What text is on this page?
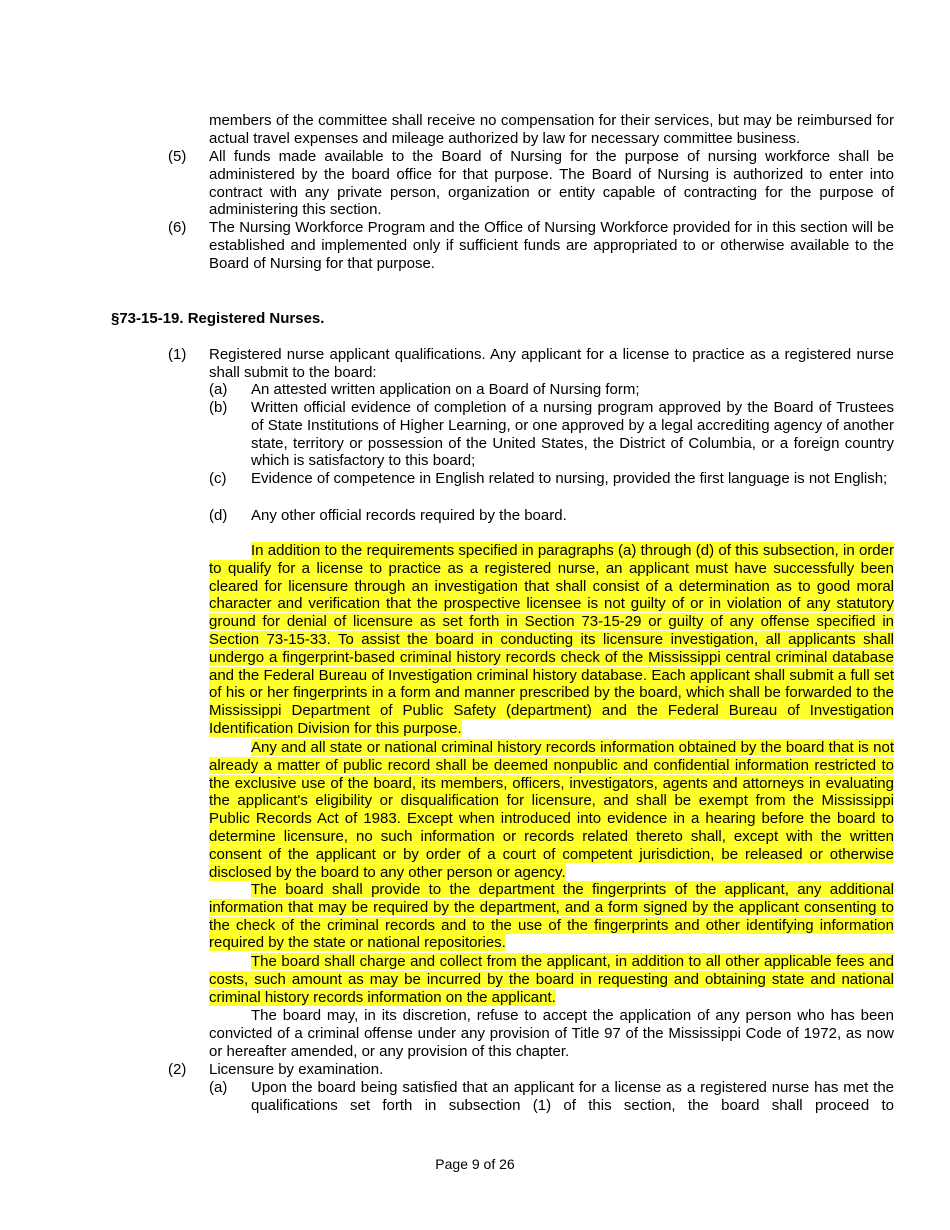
members of the committee shall receive no compensation for their services, but may be reimbursed for actual travel expenses and mileage authorized by law for necessary committee business.
(5) All funds made available to the Board of Nursing for the purpose of nursing workforce shall be administered by the board office for that purpose. The Board of Nursing is authorized to enter into contract with any private person, organization or entity capable of contracting for the purpose of administering this section.
(6) The Nursing Workforce Program and the Office of Nursing Workforce provided for in this section will be established and implemented only if sufficient funds are appropriated to or otherwise available to the Board of Nursing for that purpose.
§73-15-19. Registered Nurses.
(1) Registered nurse applicant qualifications. Any applicant for a license to practice as a registered nurse shall submit to the board:
(a) An attested written application on a Board of Nursing form;
(b) Written official evidence of completion of a nursing program approved by the Board of Trustees of State Institutions of Higher Learning, or one approved by a legal accrediting agency of another state, territory or possession of the United States, the District of Columbia, or a foreign country which is satisfactory to this board;
(c) Evidence of competence in English related to nursing, provided the first language is not English;
(d) Any other official records required by the board.
In addition to the requirements specified in paragraphs (a) through (d) of this subsection, in order to qualify for a license to practice as a registered nurse, an applicant must have successfully been cleared for licensure through an investigation that shall consist of a determination as to good moral character and verification that the prospective licensee is not guilty of or in violation of any statutory ground for denial of licensure as set forth in Section 73-15-29 or guilty of any offense specified in Section 73-15-33. To assist the board in conducting its licensure investigation, all applicants shall undergo a fingerprint-based criminal history records check of the Mississippi central criminal database and the Federal Bureau of Investigation criminal history database. Each applicant shall submit a full set of his or her fingerprints in a form and manner prescribed by the board, which shall be forwarded to the Mississippi Department of Public Safety (department) and the Federal Bureau of Investigation Identification Division for this purpose.
Any and all state or national criminal history records information obtained by the board that is not already a matter of public record shall be deemed nonpublic and confidential information restricted to the exclusive use of the board, its members, officers, investigators, agents and attorneys in evaluating the applicant's eligibility or disqualification for licensure, and shall be exempt from the Mississippi Public Records Act of 1983. Except when introduced into evidence in a hearing before the board to determine licensure, no such information or records related thereto shall, except with the written consent of the applicant or by order of a court of competent jurisdiction, be released or otherwise disclosed by the board to any other person or agency.
The board shall provide to the department the fingerprints of the applicant, any additional information that may be required by the department, and a form signed by the applicant consenting to the check of the criminal records and to the use of the fingerprints and other identifying information required by the state or national repositories.
The board shall charge and collect from the applicant, in addition to all other applicable fees and costs, such amount as may be incurred by the board in requesting and obtaining state and national criminal history records information on the applicant.
The board may, in its discretion, refuse to accept the application of any person who has been convicted of a criminal offense under any provision of Title 97 of the Mississippi Code of 1972, as now or hereafter amended, or any provision of this chapter.
(2) Licensure by examination.
(a) Upon the board being satisfied that an applicant for a license as a registered nurse has met the qualifications set forth in subsection (1) of this section, the board shall proceed to
Page 9 of 26
